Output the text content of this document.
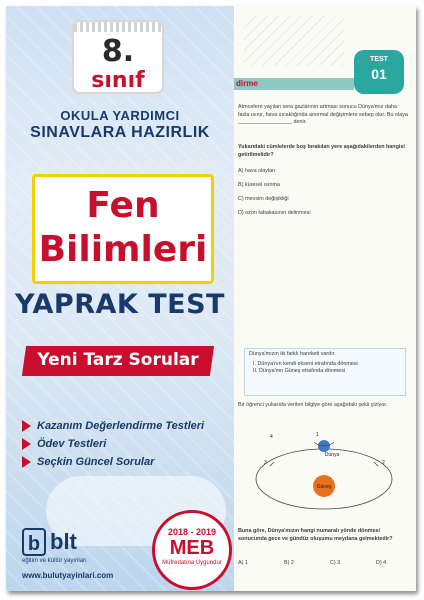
8.
sınıf
OKULA YARDIMCI
SINAVLARA HAZIRLIK
Fen
Bilimleri
YAPRAK TEST
Yeni Tarz Sorular
Kazanım Değerlendirme Testleri
Ödev Testleri
Seçkin Güncel Sorular
b blt
eğitim ve kültür yayınları
www.bulutyayinlari.com
2018 - 2019
MEB
Müfredatına Uygundur
TEST
01
dirme
Atmosfere yayılan sera gazlarının artması sonucu Dünya'mız daha fazla ısınır, hava sıcaklığında anormal değişimlere sebep olur. Bu olaya __________________ denir.
Yukarıdaki cümlelerde boş bırakılan yere aşağıdakilerden hangisi getirilmelidir?
A) hava olayları
B) küresel ısınma
C) mevsim değişikliği
D) ozon tabakasının delinmesi
Dünya'mızın iki farklı hareketi vardır.
I. Dünya'nın kendi ekseni etrafında dönmesi
II. Dünya'nın Güneş etrafında dönmesi
Bir öğrenci yukarıda verilen bilgiye göre aşağıdaki şekli çiziyor.
Güneş
Dünya
1
2
3
4
Buna göre, Dünya'mızın hangi numaralı yönde dönmesi sonucunda gece ve gündüz oluşumu meydana gelmektedir?
A) 1	B) 2	C) 3	D) 4
